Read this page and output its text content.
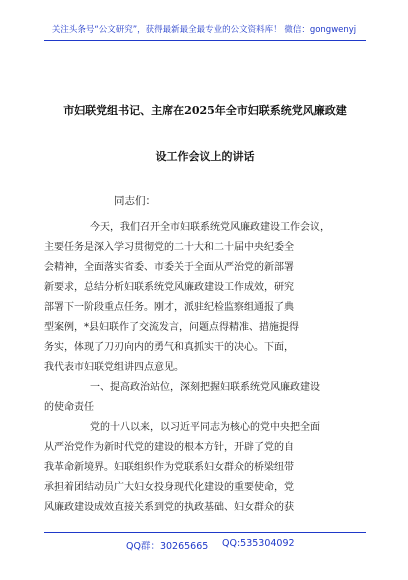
关注头条号“公文研究”，获得最新最全最专业的公文资料库！ 微信：gongwenyj
市妇联党组书记、主席在2025年全市妇联系统党风廉政建
设工作会议上的讲话
同志们：
今天，我们召开全市妇联系统党风廉政建设工作会议，
主要任务是深入学习贯彻党的二十大和二十届中央纪委全
会精神，全面落实省委、市委关于全面从严治党的新部署
新要求，总结分析妇联系统党风廉政建设工作成效，研究
部署下一阶段重点任务。刚才，派驻纪检监察组通报了典
型案例，*县妇联作了交流发言，问题点得精准、措施提得
务实，体现了刀刃向内的勇气和真抓实干的决心。下面，
我代表市妇联党组讲四点意见。
一、提高政治站位，深刻把握妇联系统党风廉政建设
的使命责任
党的十八以来，以习近平同志为核心的党中央把全面
从严治党作为新时代党的建设的根本方针，开辟了党的自
我革命新境界。妇联组织作为党联系妇女群众的桥梁纽带
承担着团结动员广大妇女投身现代化建设的重要使命，党
风廉政建设成效直接关系到党的执政基础、妇女群众的获
QQ群：30265665 QQ:535304092
